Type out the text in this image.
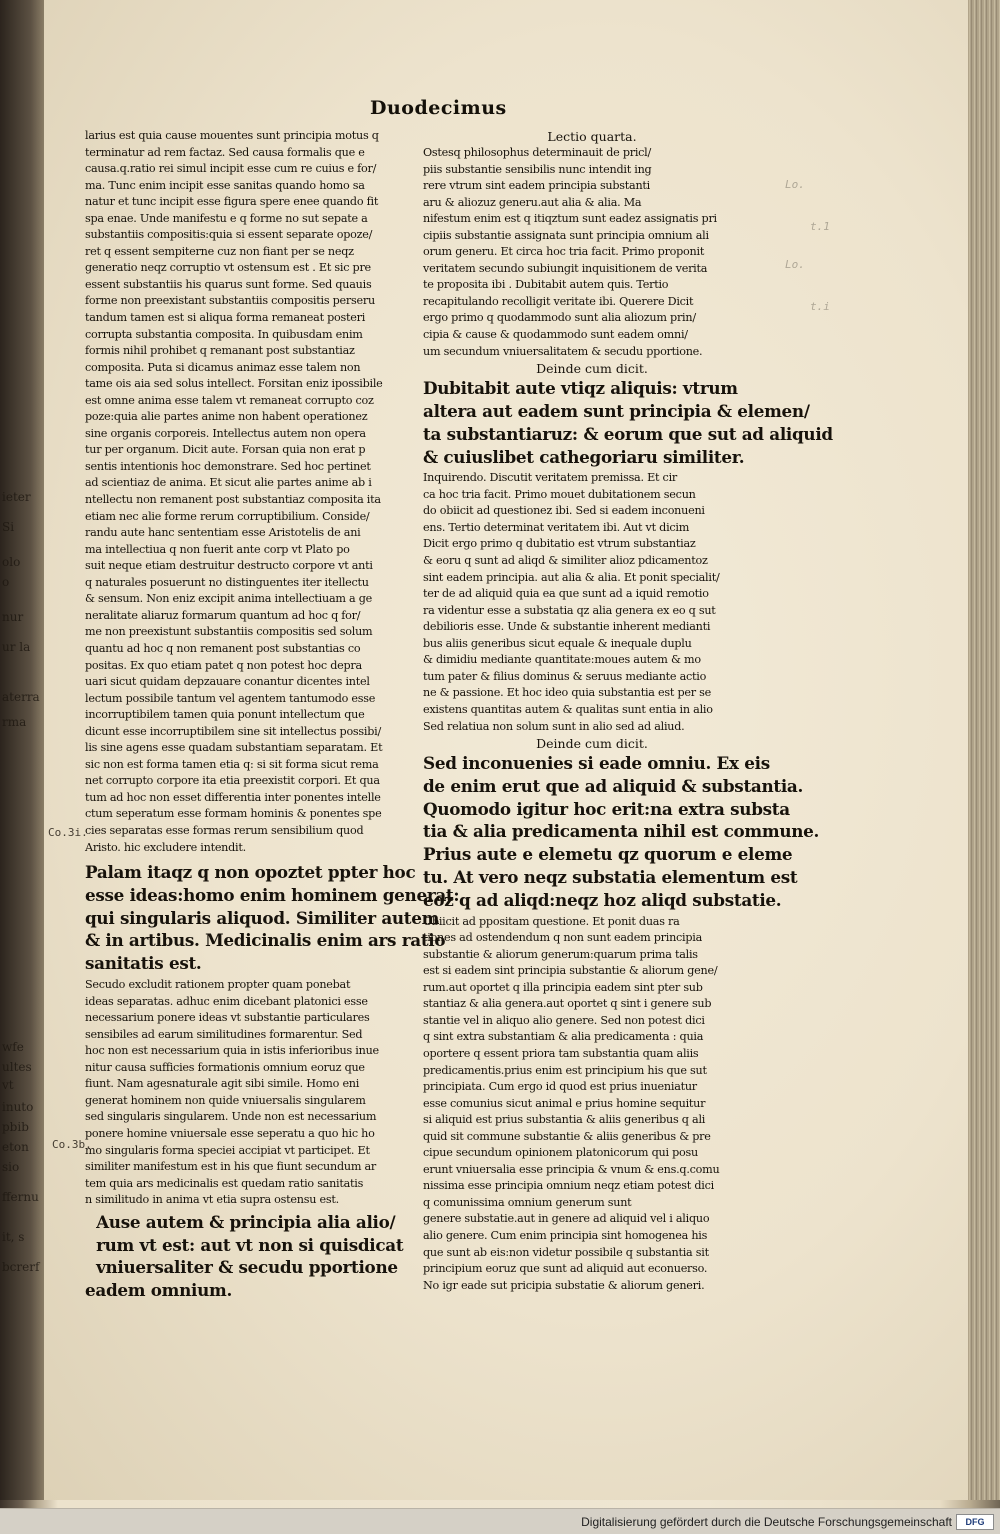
ieter
Si
olo
o
nur
ur la
aterra
rma
wfe
ultes
vt
inuto
pbib
eton
sio
ffernu
it, s
bcrerf
Duodecimus
Lo.
t.1
Lo.
t.i
Co.3i.
Co.3b.

larius est quia cause mouentes sunt principia motus q
terminatur ad rem factaz. Sed causa formalis que e
causa.q.ratio rei simul incipit esse cum re cuius e for/
ma. Tunc enim incipit esse sanitas quando homo sa
natur et tunc incipit esse figura spere enee quando fit
spa enae. Unde manifestu e q forme no sut sepate a
substantiis compositis:quia si essent separate opoze/
ret q essent sempiterne cuz non fiant per se neqz
generatio neqz corruptio vt ostensum est . Et sic pre
essent substantiis his quarus sunt forme. Sed quauis
forme non preexistant substantiis compositis perseru
tandum tamen est si aliqua forma remaneat posteri
corrupta substantia composita. In quibusdam enim
formis nihil prohibet q remanant post substantiaz
composita. Puta si dicamus animaz esse talem non
tame ois aia sed solus intellect. Forsitan eniz ipossibile
est omne anima esse talem vt remaneat corrupto coz
poze:quia alie partes anime non habent operationez
sine organis corporeis. Intellectus autem non opera
tur per organum. Dicit aute. Forsan quia non erat p
sentis intentionis hoc demonstrare. Sed hoc pertinet
ad scientiaz de anima. Et sicut alie partes anime ab i
ntellectu non remanent post substantiaz composita ita
etiam nec alie forme rerum corruptibilium. Conside/
randu aute hanc sententiam esse Aristotelis de ani
ma intellectiua q non fuerit ante corp vt Plato po
suit neque etiam destruitur destructo corpore vt anti
q naturales posuerunt no distinguentes iter itellectu
& sensum. Non eniz excipit anima intellectiuam a ge
neralitate aliaruz formarum quantum ad hoc q for/
me non preexistunt substantiis compositis sed solum
quantu ad hoc q non remanent post substantias co
positas. Ex quo etiam patet q non potest hoc depra
uari sicut quidam depzauare conantur dicentes intel
lectum possibile tantum vel agentem tantumodo esse
incorruptibilem tamen quia ponunt intellectum que
dicunt esse incorruptibilem sine sit intellectus possibi/
lis sine agens esse quadam substantiam separatam. Et
sic non est forma tamen etia q: si sit forma sicut rema
net corrupto corpore ita etia preexistit corpori. Et qua
tum ad hoc non esset differentia inter ponentes intelle
ctum seperatum esse formam hominis & ponentes spe
cies separatas esse formas rerum sensibilium quod
Aristo. hic excludere intendit.

Palam itaqz q non opoztet ppter hoc
esse ideas:homo enim hominem
qui singularis aliquod. Similiter
& in artibus. Medicinalis enim ars
sanitatis est.

Secudo excludit rationem propter quam ponebat
ideas separatas. adhuc enim dicebant platonici esse
necessarium ponere ideas vt substantie particulares
sensibiles ad earum similitudines formarentur. Sed
hoc non est necessarium quia in istis inferioribus inue
nitur causa sufficies formationis omnium eoruz que
fiunt. Nam agesnaturale agit sibi simile. Homo eni
generat hominem non quide vniuersalis singularem
sed singularis singularem. Unde non est necessarium
ponere homine vniuersale esse seperatu a quo hic ho
mo singularis forma speciei accipiat vt participet. Et
similiter manifestum est in his que fiunt secundum ar
tem quia ars medicinalis est quedam ratio sanitatis
n similitudo in anima vt etia supra ostensu est.

Ause autem & principia alia alio/
rum vt est: aut vt non si quisdicat
vniuersaliter & secudu pportione
eadem omnium.

Lectio quarta.

Ostesq philosophus determinauit de pricl/
piis substantie sensibilis nunc intendit ing
rere vtrum sint eadem principia substanti
aru & aliozuz generu.aut alia & alia. Ma
nifestum enim est q itiqztum sunt eadez assignatis pri
cipiis substantie assignata sunt principia omnium ali
orum generu. Et circa hoc tria facit. Primo proponit
veritatem secundo subiungit inquisitionem de verita
te proposita ibi . Dubitabit autem quis. Tertio
recapitulando recolligit veritate ibi. Querere Dicit
ergo primo q quodammodo sunt alia aliozum prin/
cipia & cause & quodammodo sunt eadem omni/
um secundum vniuersalitatem & secudu pportione.

Deinde cum dicit.

Dubitabit aute vtiqz aliquis: vtrum
altera aut eadem sunt principia &
ta substantiaruz: & eorum que sut ad
& cuiuslibet cathegoriaru similiter.

Inquirendo. Discutit veritatem premissa. Et cir
ca hoc tria facit. Primo mouet dubitationem secun
do obiicit ad questionez ibi. Sed si eadem inconueni
ens. Tertio determinat veritatem ibi. Aut vt dicim
Dicit ergo primo q dubitatio est vtrum substantiaz
& eoru q sunt ad aliqd & similiter alioz pdicamentoz
sint eadem principia. aut alia & alia. Et ponit specialit/
ter de ad aliquid quia ea que sunt ad a iquid remotio
ra videntur esse a substatia qz alia genera ex eo q sut
debilioris esse. Unde & substantie inherent medianti
bus aliis generibus sicut equale & inequale duplu
& dimidiu mediante quantitate:moues autem & mo
tum pater & filius dominus & seruus mediante actio
ne & passione. Et hoc ideo quia substantia est per se
existens quantitas autem & qualitas sunt entia in alio
Sed relatiua non solum sunt in alio sed ad aliud.

Deinde cum dicit.

Sed inconuenies si eade omniu. Ex eis
de enim erut que ad aliquid & substantia.
Quomodo igitur hoc erit:na extra substa
tia & alia predicamenta nihil est
Prius aute e elemetu qz quorum e
tu. At vero neqz substatia elementum
eoz q ad aliqd:neqz hoz aliqd substatie.

Obiicit ad ppositam questione. Et ponit duas ra
tiones ad ostendendum q non sunt eadem principia
substantie & aliorum generum:quarum prima talis
est si eadem sint principia substantie & aliorum gene/
rum.aut oportet q illa principia eadem sint pter sub
stantiaz & alia genera.aut oportet q sint i genere sub
stantie vel in aliquo alio genere. Sed non potest dici
q sint extra substantiam & alia predicamenta : quia
oportere q essent priora tam substantia quam aliis
predicamentis.prius enim est principium his que sut
principiata. Cum ergo id quod est prius inueniatur
esse comunius sicut animal e prius homine sequitur
si aliquid est prius substantia & aliis generibus q ali
quid sit commune substantie & aliis generibus & pre
cipue secundum opinionem platonicorum qui posu
erunt vniuersalia esse principia & vnum & ens.q.comu
nissima esse principia omnium neqz etiam potest dici
q comunissima omnium generum sunt
genere substatie.aut in genere ad aliquid vel i aliquo
alio genere. Cum enim principia sint homogenea his
que sunt ab eis:non videtur possibile q substantia sit
principium eoruz que sunt ad aliquid aut econuerso.
No igr eade sut pricipia substatie & aliorum generi.

Digitalisierung gefördert durch die Deutsche Forschungsgemeinschaft	DFG
